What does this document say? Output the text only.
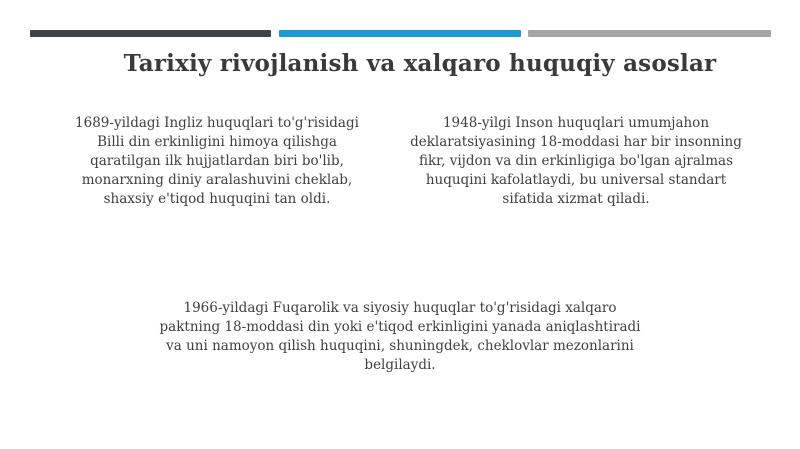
Tarixiy rivojlanish va xalqaro huquqiy asoslar
1689-yildagi Ingliz huquqlari to'g'risidagi
Billi din erkinligini himoya qilishga
qaratilgan ilk hujjatlardan biri bo'lib,
monarxning diniy aralashuvini cheklab,
shaxsiy e'tiqod huquqini tan oldi.
1948-yilgi Inson huquqlari umumjahon
deklaratsiyasining 18-moddasi har bir insonning
fikr, vijdon va din erkinligiga bo'lgan ajralmas
huquqini kafolatlaydi, bu universal standart
sifatida xizmat qiladi.
1966-yildagi Fuqarolik va siyosiy huquqlar to'g'risidagi xalqaro
paktning 18-moddasi din yoki e'tiqod erkinligini yanada aniqlashtiradi
va uni namoyon qilish huquqini, shuningdek, cheklovlar mezonlarini
belgilaydi.
